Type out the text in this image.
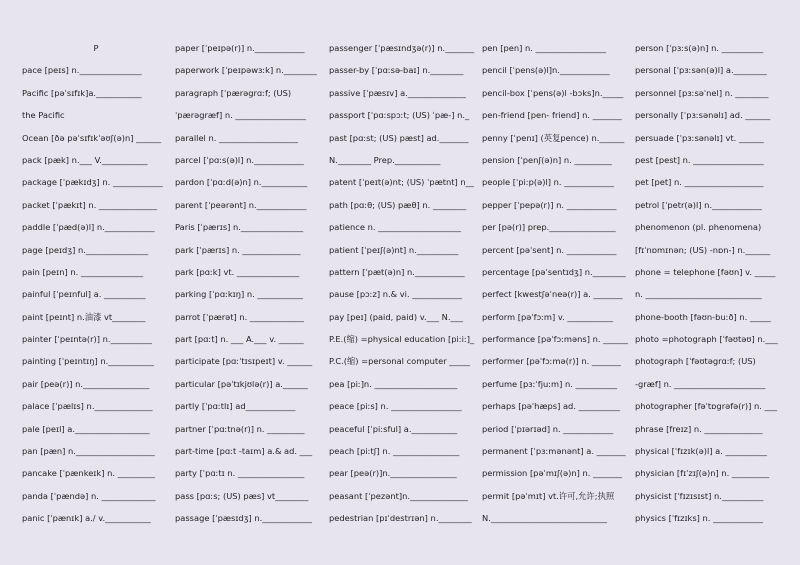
P
pace [peɪs] n._______________
Pacific [pəˈsɪfɪk]a.___________
the Pacific
Ocean [ðə pəˈsɪfɪkˈəʊʃ(ə)n] ______
pack [pæk] n.___ V.___________
package [ˈpækɪdʒ] n. ____________
packet [ˈpækɪt] n. ______________
paddle [ˈpæd(ə)l] n.____________
page [peɪdʒ] n._______________
pain [peɪn] n. _______________
painful [ˈpeɪnful] a. __________
paint [peɪnt] n.油漆 vt________
painter [ˈpeɪntə(r)] n.__________
painting [ˈpeɪntɪŋ] n.___________
pair [peə(r)] n.________________
palace [ˈpælɪs] n.______________
pale [peɪl] a.__________________
pan [pæn] n.___________________
pancake [ˈpænkeɪk] n. _________
panda [ˈpændə] n. _____________
panic [ˈpænɪk] a./ v.___________
paper [ˈpeɪpə(r)] n.____________
paperwork [ˈpeɪpəwɜːk] n.________
paragraph [ˈpærəgrɑːf; (US)
ˈpærəgræf] n. _________________
parallel n. ___________________
parcel [ˈpɑːs(ə)l] n.____________
pardon [ˈpɑːd(ə)n] n.___________
parent [ˈpeərənt] n.____________
Paris [ˈpærɪs] n._______________
park [ˈpærɪs] n. ______________
park [pɑːk] vt. _______________
parking [ˈpɑːkɪŋ] n. ___________
parrot [ˈpærət] n. _____________
part [pɑːt] n. ___ A.___ v. ______
participate [pɑːˈtɪsɪpeɪt] v. ______
particular [pəˈtɪkjʊlə(r)] a.______
partly [ˈpɑːtlɪ] ad____________
partner [ˈpɑːtnə(r)] n. _________
part-time [pɑːt -taɪm] a.& ad. ___
party [ˈpɑːtɪ n. ________________
pass [pɑːs; (US) pæs] vt________
passage [ˈpæsɪdʒ] n.____________
passenger [ˈpæsɪndʒə(r)] n._______
passer-by [ˈpɑːsə-baɪ] n.________
passive [ˈpæsɪv] a.______________
passport [ˈpɑːspɔːt; (US) ˈpæ-] n._
past [pɑːst; (US) pæst] ad._______
N.________ Prep.___________
patent [ˈpeɪt(ə)nt; (US) ˈpætnt] n__
path [pɑːθ; (US) pæθ] n. ________
patience n. ____________________
patient [ˈpeɪʃ(ə)nt] n.__________
pattern [ˈpæt(ə)n] n.____________
pause [pɔːz] n.& vi. ____________
pay [peɪ] (paid, paid) v.___ N.___
P.E.(缩) =physical education [piːiː]_
P.C.(缩) =personal computer _____
pea [piː]n. ____________________
peace [piːs] n. _________________
peaceful [ˈpiːsful] a.___________
peach [piːtʃ] n. ________________
pear [peə(r)]n.________________
peasant [ˈpezənt]n.______________
pedestrian [pɪˈdestrɪən] n.________
pen [pen] n. _________________
pencil [ˈpens(ə)l]n.____________
pencil-box [ˈpens(ə)l -bɔks]n._____
pen-friend [pen- friend] n. _______
penny [ˈpenɪ] (英复pence) n.______
pension [ˈpenʃ(ə)n] n. _________
people [ˈpiːp(ə)l] n. ____________
pepper [ˈpepə(r)] n. ____________
per [pə(r)] prep.________________
percent [pəˈsent] n. ____________
percentage [pəˈsentɪdʒ] n.________
perfect [kwestʃəˈneə(r)] a. _______
perform [pəˈfɔːm] v. ___________
performance [pəˈfɔːməns] n. ______
performer [pəˈfɔːmə(r)] n. _______
perfume [pɜːˈfjuːm] n. __________
perhaps [pəˈhæps] ad. __________
period [ˈpɪərɪəd] n. ____________
permanent [ˈpɜːmənənt] a. _______
permission [pəˈmɪʃ(ə)n] n. _______
permit [pəˈmɪt] vt.许可,允许;执照
N.____________________________
person [ˈpɜːs(ə)n] n. __________
personal [ˈpɜːsən(ə)l] a.________
personnel [pɜːsəˈnel] n. ________
personally [ˈpɜːsənəlɪ] ad. ______
persuade [ˈpɜːsənəlɪ] vt. ______
pest [pest] n. _________________
pet [pet] n. ___________________
petrol [ˈpetr(ə)l] n.____________
phenomenon (pl. phenomena)
[fɪˈnɒmɪnən; (US) -nɒn-] n.______
phone = telephone [fəʊn] v. _____
n. ____________________________
phone-booth [fəʊn-buːð] n. _____
photo =photograph [ˈfəʊtəʊ] n.___
photograph [ˈfəʊtəgrɑːf; (US)
-græf] n. ______________________
photographer [fəˈtɒgrəfə(r)] n. ___
phrase [freɪz] n. ______________
physical [ˈfɪzɪk(ə)l] a. __________
physician [fɪˈzɪʃ(ə)n] n. _________
physicist [ˈfɪzɪsɪst] n.__________
physics [ˈfɪzɪks] n. ____________
